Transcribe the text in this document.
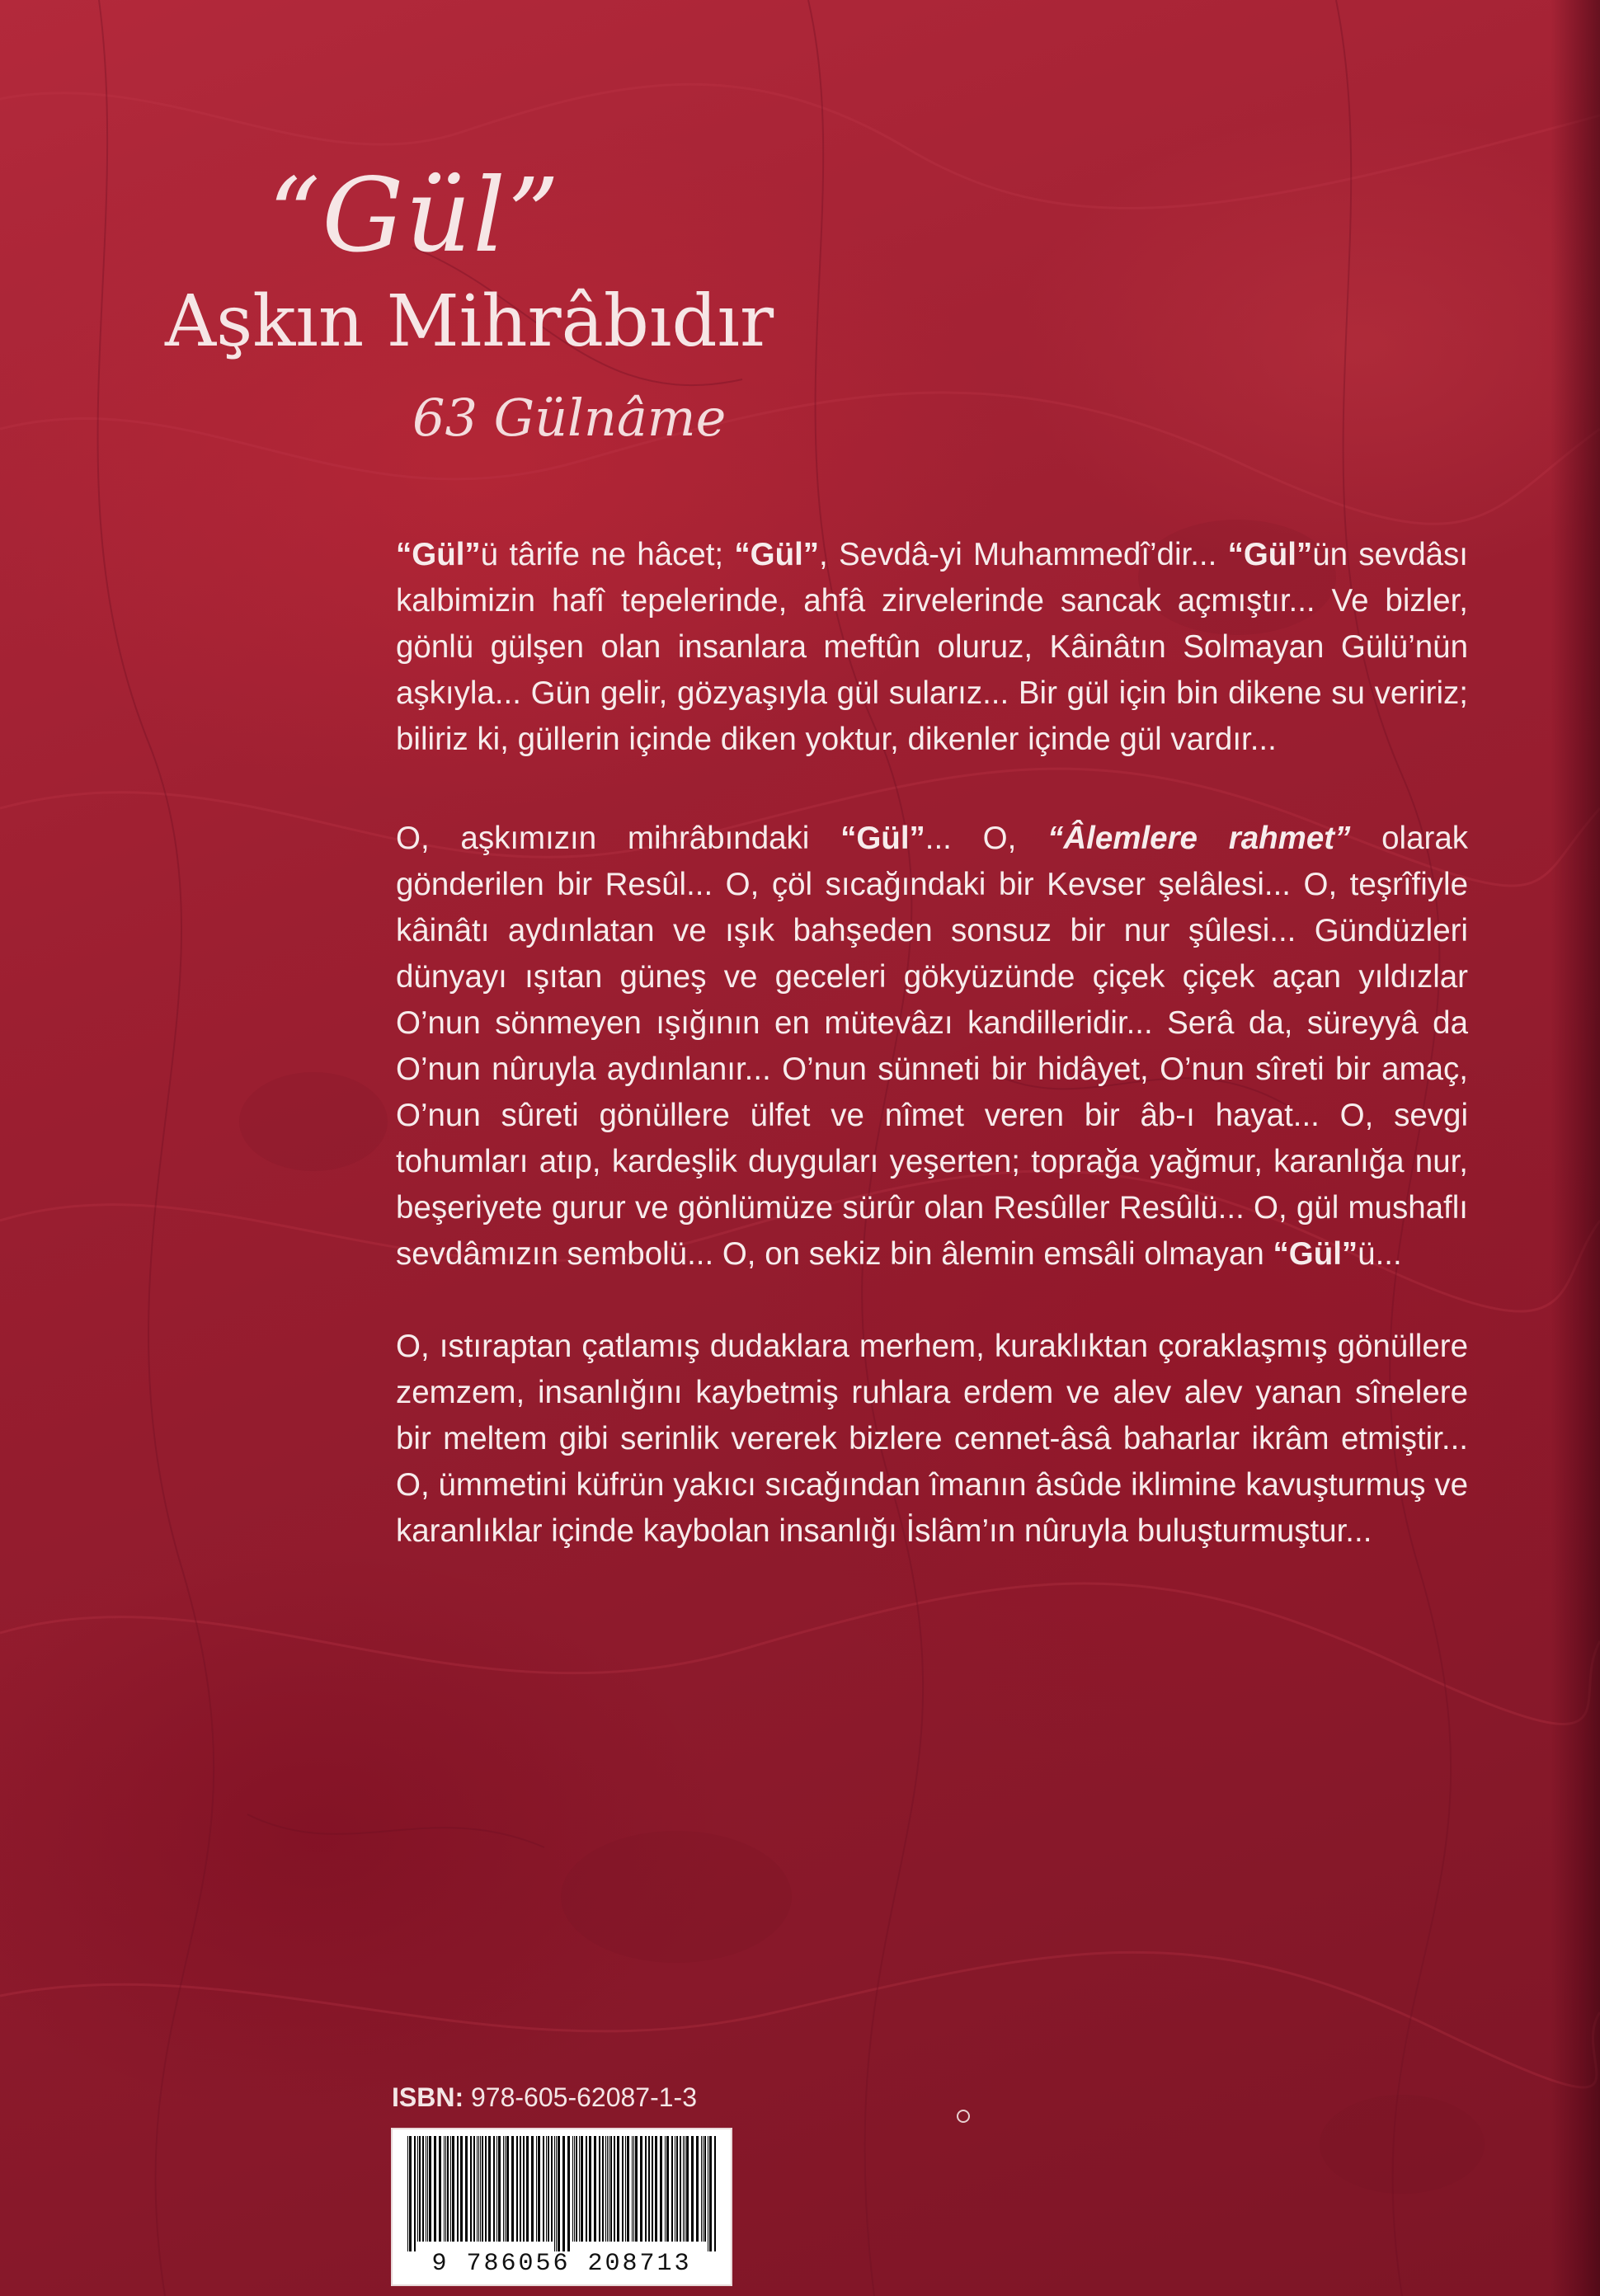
“Gül”
Aşkın Mihrâbıdır
63 Gülnâme

“Gül”ü târife ne hâcet; “Gül”, Sevdâ-yi Muhammedî’dir... “Gül”ün sevdâsı kalbimizin hafî tepelerinde, ahfâ zirvelerinde sancak açmıştır... Ve bizler, gönlü gülşen olan insanlara meftûn oluruz, Kâinâtın Solmayan Gülü’nün aşkıyla... Gün gelir, gözyaşıyla gül sularız... Bir gül için bin dikene su veririz; biliriz ki, güllerin içinde diken yoktur, dikenler içinde gül vardır...

O, aşkımızın mihrâbındaki “Gül”... O, “Âlemlere rahmet” olarak gönderilen bir Resûl... O, çöl sıcağındaki bir Kevser şelâlesi... O, teşrîfiyle kâinâtı aydınlatan ve ışık bahşeden sonsuz bir nur şûlesi... Gündüzleri dünyayı ışıtan güneş ve geceleri gökyüzünde çiçek çiçek açan yıldızlar O’nun sönmeyen ışığının en mütevâzı kandilleridir... Serâ da, süreyyâ da O’nun nûruyla aydınlanır... O’nun sünneti bir hidâyet, O’nun sîreti bir amaç, O’nun sûreti gönüllere ülfet ve nîmet veren bir âb-ı hayat... O, sevgi tohumları atıp, kardeşlik duyguları yeşerten; toprağa yağmur, karanlığa nur, beşeriyete gurur ve gönlümüze sürûr olan Resûller Resûlü... O, gül mushaflı sevdâmızın sembolü... O, on sekiz bin âlemin emsâli olmayan “Gül”ü...

O, ıstıraptan çatlamış dudaklara merhem, kuraklıktan çoraklaşmış gönüllere zemzem, insanlığını kaybetmiş ruhlara erdem ve alev alev yanan sînelere bir meltem gibi serinlik vererek bizlere cennet-âsâ baharlar ikrâm etmiştir... O, ümmetini küfrün yakıcı sıcağından îmanın âsûde iklimine kavuşturmuş ve karanlıklar içinde kaybolan insanlığı İslâm’ın nûruyla buluşturmuştur...

ISBN: 978-605-62087-1-3
9 786056 208713
